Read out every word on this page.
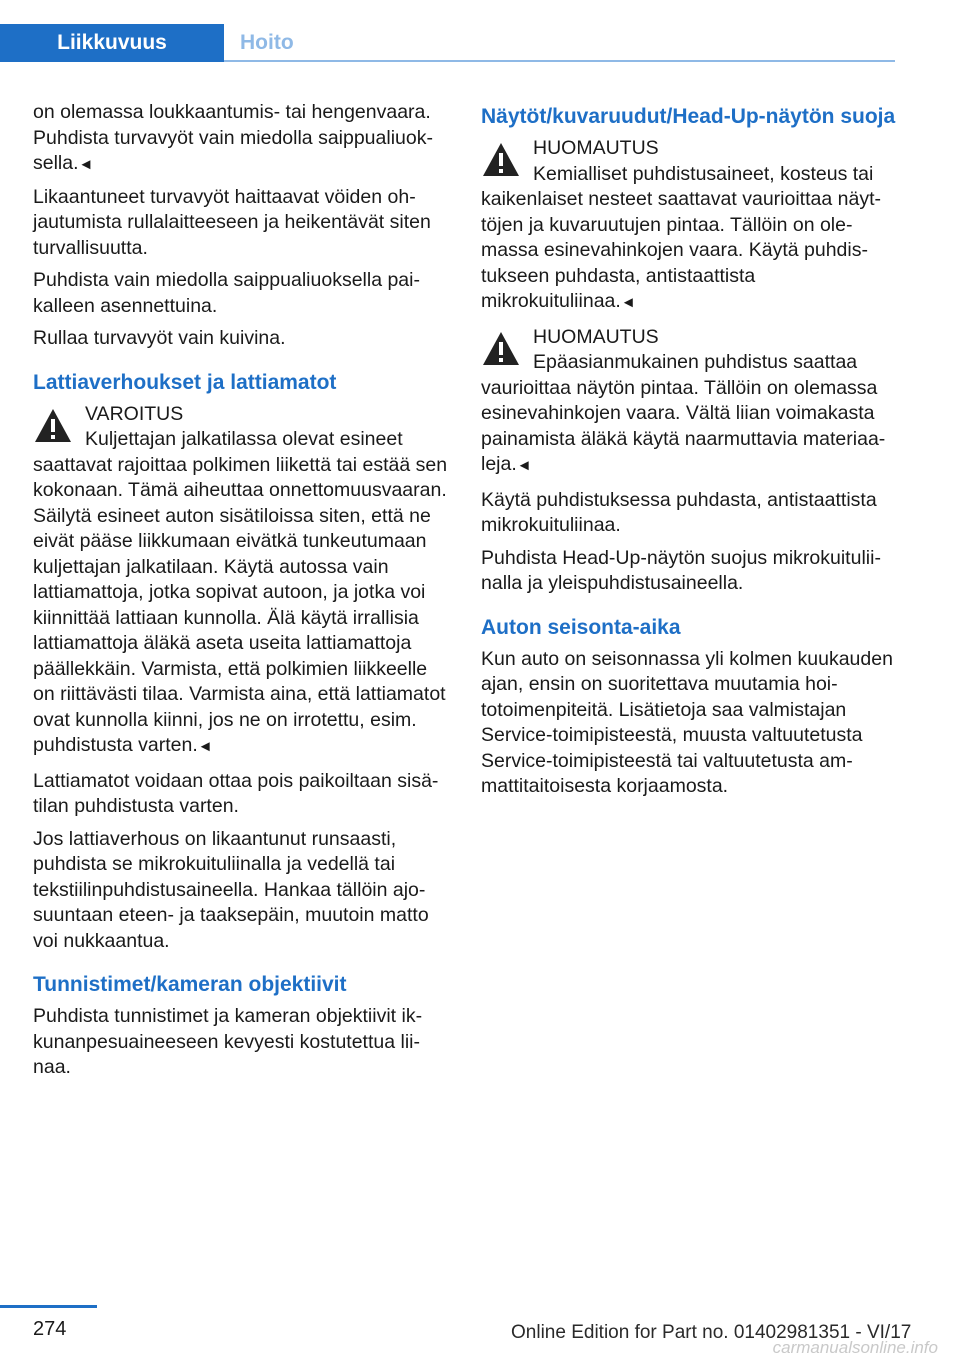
Liikkuvuus	Hoito

on olemassa loukkaantumis- tai hengenvaara. Puhdista turvavyöt vain miedolla saippualiuoksella.◄

Likaantuneet turvavyöt haittaavat vöiden ohjautumista rullalaitteeseen ja heikentävät siten turvallisuutta.

Puhdista vain miedolla saippualiuoksella paikalleen asennettuina.

Rullaa turvavyöt vain kuivina.

Lattiaverhoukset ja lattiamatot
VAROITUS
Kuljettajan jalkatilassa olevat esineet saattavat rajoittaa polkimen liikettä tai estää sen kokonaan. Tämä aiheuttaa onnettomuusvaaran. Säilytä esineet auton sisätiloissa siten, että ne eivät pääse liikkumaan eivätkä tunkeutumaan kuljettajan jalkatilaan. Käytä autossa vain lattiamattoja, jotka sopivat autoon, ja jotka voi kiinnittää lattiaan kunnolla. Älä käytä irrallisia lattiamattoja äläkä aseta useita lattiamattoja päällekkäin. Varmista, että polkimien liikkeelle on riittävästi tilaa. Varmista aina, että lattiamatot ovat kunnolla kiinni, jos ne on irrotettu, esim. puhdistusta varten.◄

Lattiamatot voidaan ottaa pois paikoiltaan sisätilan puhdistusta varten.

Jos lattiaverhous on likaantunut runsaasti, puhdista se mikrokuituliinalla ja vedellä tai tekstiilinpuhdistusaineella. Hankaa tällöin ajosuuntaan eteen- ja taaksepäin, muutoin matto voi nukkaantua.

Tunnistimet/kameran objektiivit

Puhdista tunnistimet ja kameran objektiivit ikkunanpesuaineeseen kevyesti kostutettua liinaa.

Näytöt/kuvaruudut/Head-Up-näytön suoja
HUOMAUTUS
Kemialliset puhdistusaineet, kosteus tai kaikenlaiset nesteet saattavat vaurioittaa näyttöjen ja kuvaruutujen pintaa. Tällöin on olemassa esinevahinkojen vaara. Käytä puhdistukseen puhdasta, antistaattista mikrokuituliinaa.◄
HUOMAUTUS
Epäasianmukainen puhdistus saattaa vaurioittaa näytön pintaa. Tällöin on olemassa esinevahinkojen vaara. Vältä liian voimakasta painamista äläkä käytä naarmuttavia materiaaleja.◄

Käytä puhdistuksessa puhdasta, antistaattista mikrokuituliinaa.

Puhdista Head-Up-näytön suojus mikrokuituliinalla ja yleispuhdistusaineella.

Auton seisonta-aika

Kun auto on seisonnassa yli kolmen kuukauden ajan, ensin on suoritettava muutamia hoitotoimenpiteitä. Lisätietoja saa valmistajan Service-toimipisteestä, muusta valtuutetusta Service-toimipisteestä tai valtuutetusta ammattitaitoisesta korjaamosta.

274	Online Edition for Part no. 01402981351 - VI/17
carmanualsonline.info
